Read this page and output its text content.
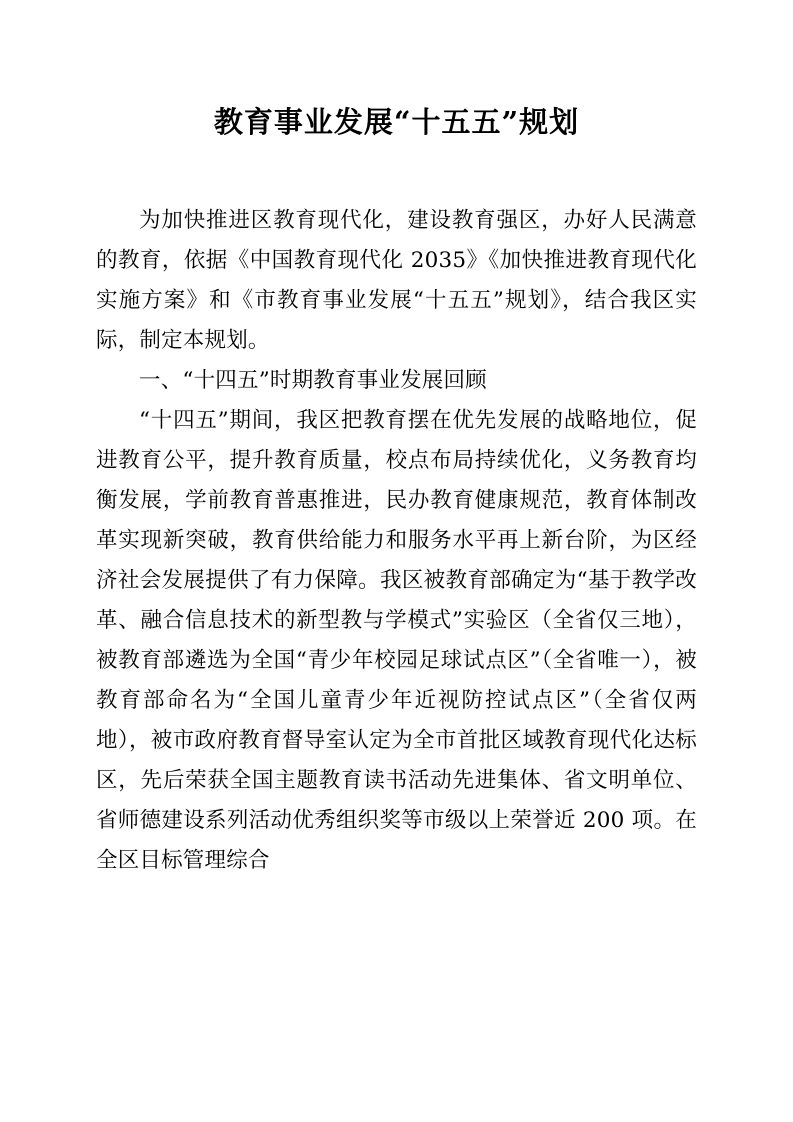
教育事业发展“十五五”规划

为加快推进区教育现代化，建设教育强区，办好人民满意的教育，依据《中国教育现代化 2035》《加快推进教育现代化实施方案》和《市教育事业发展“十五五”规划》，结合我区实际，制定本规划。

一、“十四五”时期教育事业发展回顾

“十四五”期间，我区把教育摆在优先发展的战略地位，促进教育公平，提升教育质量，校点布局持续优化，义务教育均衡发展，学前教育普惠推进，民办教育健康规范，教育体制改革实现新突破，教育供给能力和服务水平再上新台阶，为区经济社会发展提供了有力保障。我区被教育部确定为“基于教学改革、融合信息技术的新型教与学模式”实验区（全省仅三地），被教育部遴选为全国“青少年校园足球试点区”（全省唯一），被教育部命名为“全国儿童青少年近视防控试点区”（全省仅两地），被市政府教育督导室认定为全市首批区域教育现代化达标区，先后荣获全国主题教育读书活动先进集体、省文明单位、省师德建设系列活动优秀组织奖等市级以上荣誉近 200 项。在全区目标管理综合
